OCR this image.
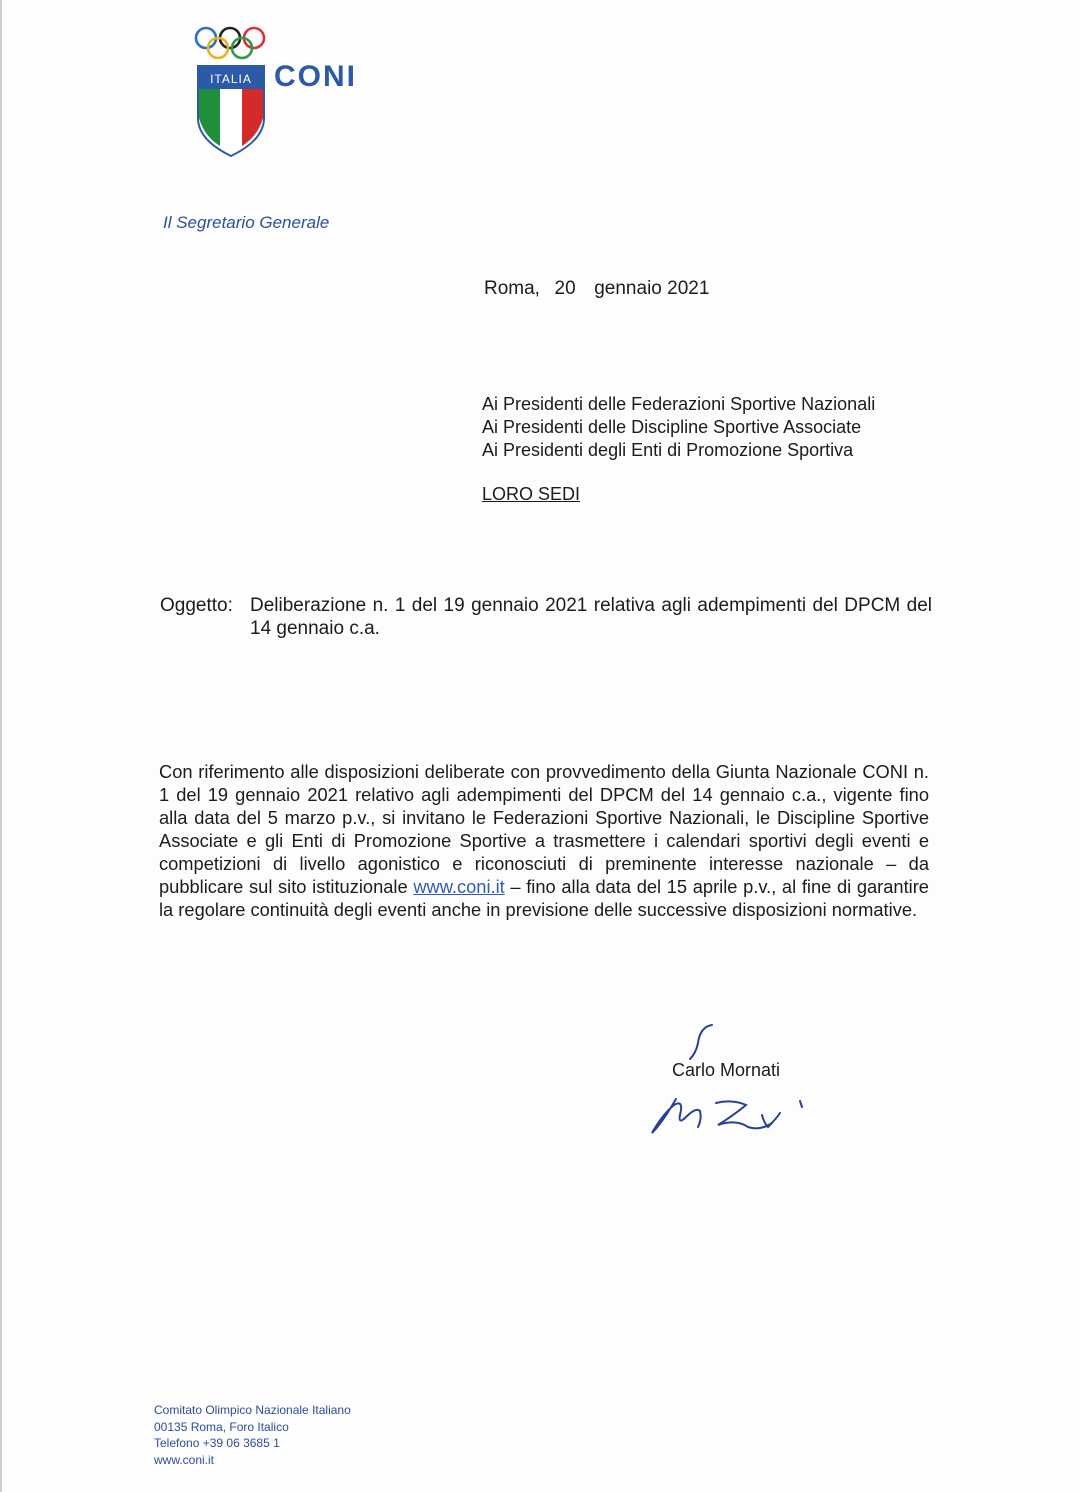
ITALIA CONI
Il Segretario Generale
Roma, 20 gennaio 2021
Ai Presidenti delle Federazioni Sportive Nazionali
Ai Presidenti delle Discipline Sportive Associate
Ai Presidenti degli Enti di Promozione Sportiva
LORO SEDI
Oggetto: Deliberazione n. 1 del 19 gennaio 2021 relativa agli adempimenti del DPCM del 14 gennaio c.a.
Con riferimento alle disposizioni deliberate con provvedimento della Giunta Nazionale CONI n. 1 del 19 gennaio 2021 relativo agli adempimenti del DPCM del 14 gennaio c.a., vigente fino alla data del 5 marzo p.v., si invitano le Federazioni Sportive Nazionali, le Discipline Sportive Associate e gli Enti di Promozione Sportive a trasmettere i calendari sportivi degli eventi e competizioni di livello agonistico e riconosciuti di preminente interesse nazionale – da pubblicare sul sito istituzionale www.coni.it – fino alla data del 15 aprile p.v., al fine di garantire la regolare continuità degli eventi anche in previsione delle successive disposizioni normative.
Carlo Mornati
Comitato Olimpico Nazionale Italiano
00135 Roma, Foro Italico
Telefono +39 06 3685 1
www.coni.it
